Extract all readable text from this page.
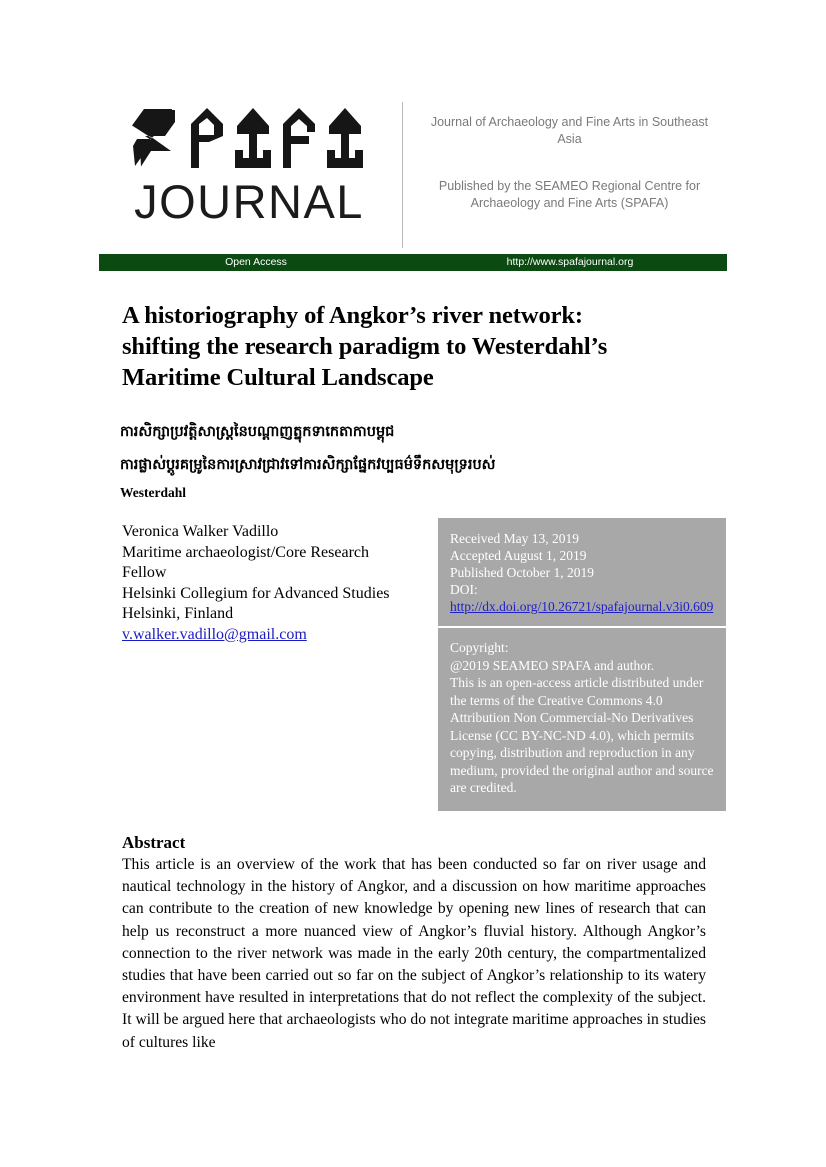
JOURNAL

Journal of Archaeology and Fine Arts in Southeast Asia

Published by the SEAMEO Regional Centre for Archaeology and Fine Arts (SPAFA)

Open Access	http://www.spafajournal.org
A historiography of Angkor’s river network:
shifting the research paradigm to Westerdahl’s
Maritime Cultural Landscape

ការសិក្សាប្រវត្តិសាស្ត្រនៃបណ្តាញត្នុកទាកេតាកាបម្ពុជ

ការផ្លាស់ប្តូរគម្រូនៃការស្រាវជ្រាវទៅការសិក្សាផ្នែកវប្បធម៌ទឹកសមុទ្ររបស់

Westerdahl

Veronica Walker Vadillo

Maritime archaeologist/Core Research

Fellow

Helsinki Collegium for Advanced Studies

Helsinki, Finland

v.walker.vadillo@gmail.com

Received May 13, 2019

Accepted August 1, 2019

Published October 1, 2019

DOI:

http://dx.doi.org/10.26721/spafajournal.v3i0.609

Copyright:

@2019 SEAMEO SPAFA and author.

This is an open-access article distributed under

the terms of the Creative Commons 4.0

Attribution Non Commercial-No Derivatives

License (CC BY-NC-ND 4.0), which permits

copying, distribution and reproduction in any

medium, provided the original author and source

are credited.

Abstract

This article is an overview of the work that has been conducted so far on river usage and nautical technology in the history of Angkor, and a discussion on how maritime approaches can contribute to the creation of new knowledge by opening new lines of research that can help us reconstruct a more nuanced view of Angkor’s fluvial history. Although Angkor’s connection to the river network was made in the early 20th century, the compartmentalized studies that have been carried out so far on the subject of Angkor’s relationship to its watery environment have resulted in interpretations that do not reflect the complexity of the subject. It will be argued here that archaeologists who do not integrate maritime approaches in studies of cultures like
